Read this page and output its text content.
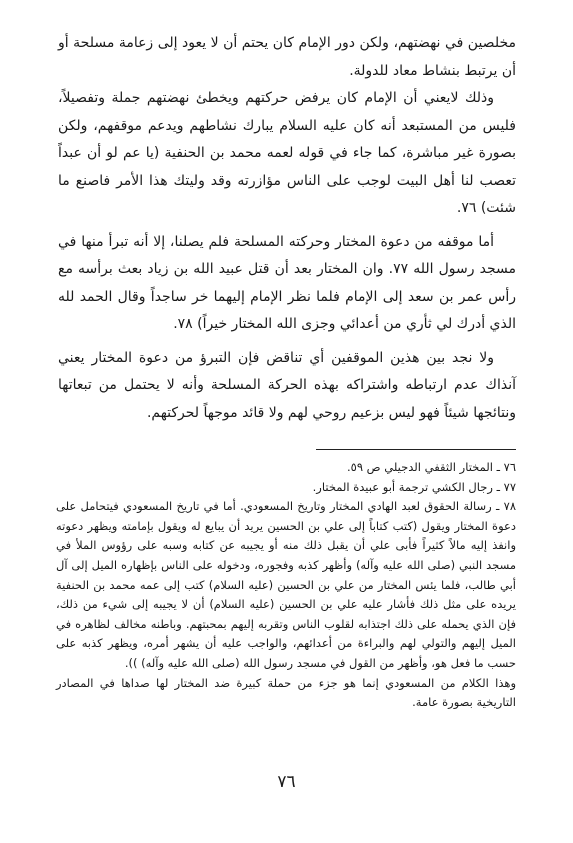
مخلصين في نهضتهم، ولكن دور الإمام كان يحتم أن لا يعود إلى زعامة مسلحة أو أن يرتبط بنشاط معاد للدولة.

وذلك لايعني أن الإمام كان يرفض حركتهم ويخطئ نهضتهم جملة وتفصيلاً، فليس من المستبعد أنه كان عليه السلام يبارك نشاطهم ويدعم موقفهم، ولكن بصورة غير مباشرة، كما جاء في قوله لعمه محمد بن الحنفية (يا عم لو أن عبداً تعصب لنا أهل البيت لوجب على الناس مؤازرته وقد وليتك هذا الأمر فاصنع ما شئت) ٧٦.

أما موقفه من دعوة المختار وحركته المسلحة فلم يصلنا، إلا أنه تبرأ منها في مسجد رسول الله ٧٧. وان المختار بعد أن قتل عبيد الله بن زياد بعث برأسه مع رأس عمر بن سعد إلى الإمام فلما نظر الإمام إليهما خر ساجداً وقال الحمد لله الذي أدرك لي ثأري من أعدائي وجزى الله المختار خيراً) ٧٨.

ولا نجد بين هذين الموقفين أي تناقض فإن التبرؤ من دعوة المختار يعني آنذاك عدم ارتباطه واشتراكه بهذه الحركة المسلحة وأنه لا يحتمل من تبعاتها ونتائجها شيئاً فهو ليس بزعيم روحي لهم ولا قائد موجهاً لحركتهم.

٧٦ ـ المختار الثقفي الدجيلي ص ٥٩.

٧٧ ـ رجال الكشي ترجمة أبو عبيدة المختار.

٧٨ ـ رسالة الحقوق لعبد الهادي المختار وتاريخ المسعودي. أما في تاريخ المسعودي فيتحامل على دعوة المختار ويقول (كتب كتاباً إلى علي بن الحسين يريد أن يبايع له ويقول بإمامته ويظهر دعوته وانفذ إليه مالاً كثيراً فأبى علي أن يقبل ذلك منه أو يجيبه عن كتابه وسبه على رؤوس الملأ في مسجد النبي (صلى الله عليه وآله) وأظهر كذبه وفجوره، ودخوله على الناس بإظهاره الميل إلى آل أبي طالب، فلما يئس المختار من علي بن الحسين (عليه السلام) كتب إلى عمه محمد بن الحنفية يريده على مثل ذلك فأشار عليه علي بن الحسين (عليه السلام) أن لا يجيبه إلى شيء من ذلك، فإن الذي يحمله على ذلك اجتذابه لقلوب الناس وتقربه إليهم بمحبتهم. وباطنه مخالف لظاهره في الميل إليهم والتولي لهم والبراءة من أعدائهم، والواجب عليه أن يشهر أمره، ويظهر كذبه على حسب ما فعل هو، وأظهر من القول في مسجد رسول الله (صلى الله عليه وآله) )).

وهذا الكلام من المسعودي إنما هو جزء من حملة كبيرة ضد المختار لها صداها في المصادر التاريخية بصورة عامة.

٧٦
